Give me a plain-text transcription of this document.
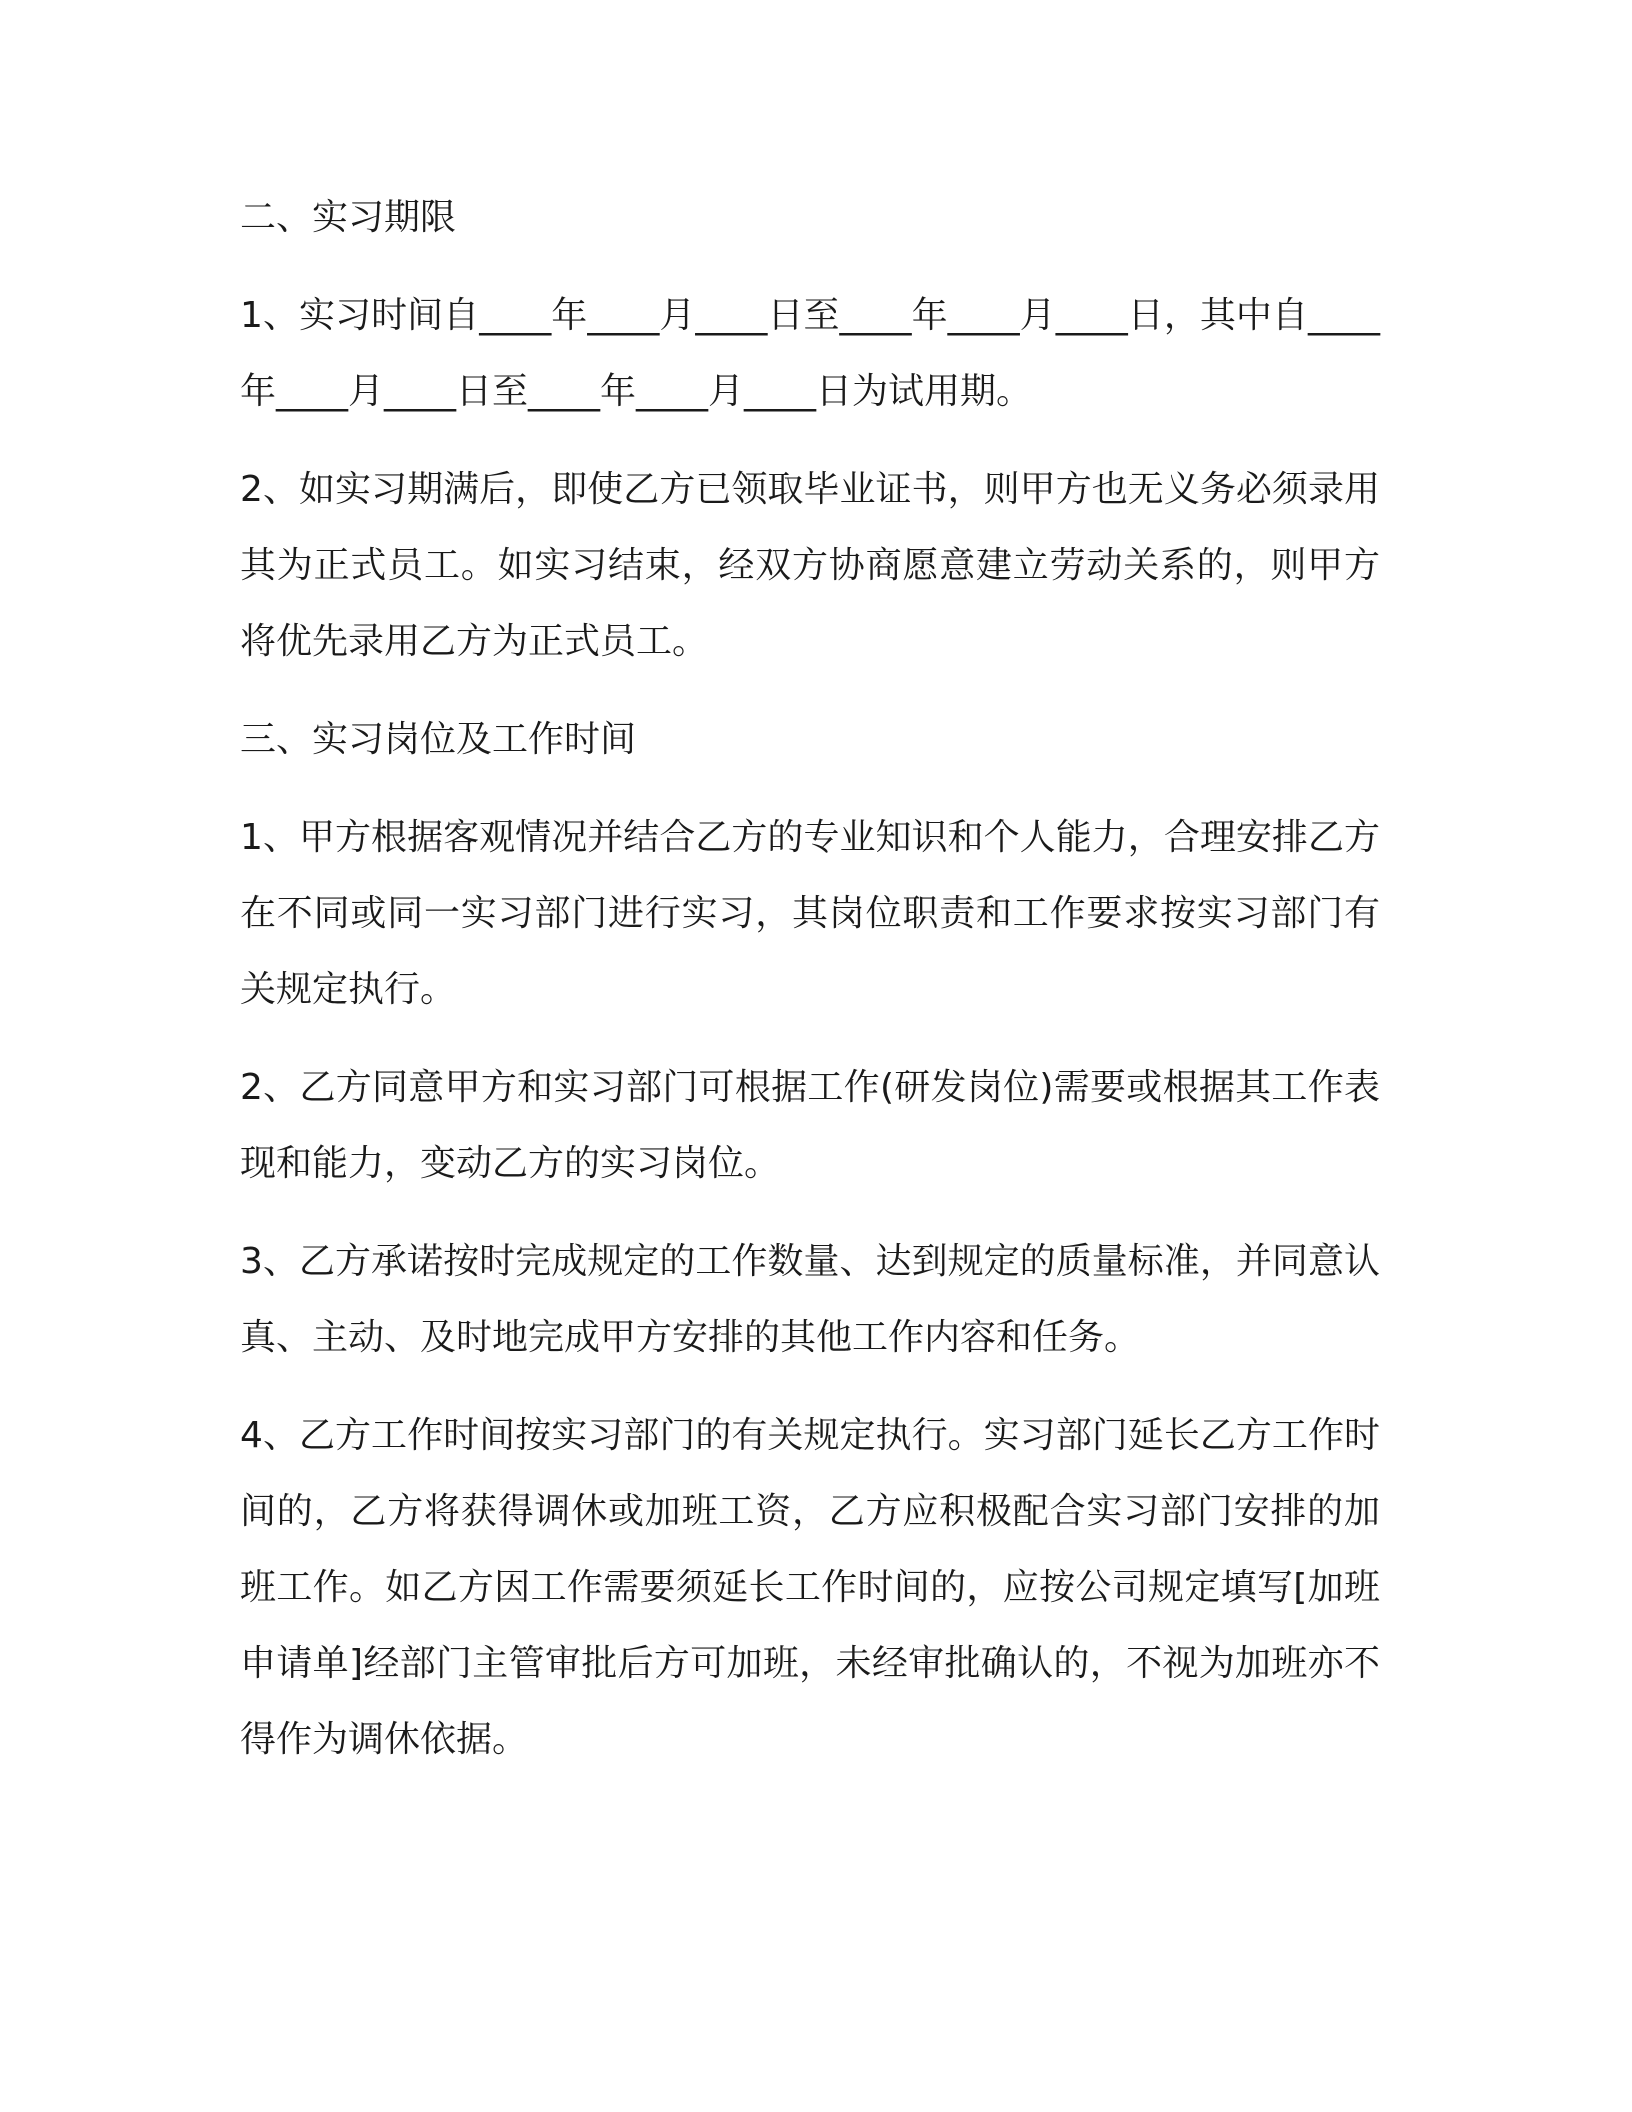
二、实习期限
1、实习时间自____年____月____日至____年____月____日，其中自____年____月____日至____年____月____日为试用期。
2、如实习期满后，即使乙方已领取毕业证书，则甲方也无义务必须录用其为正式员工。如实习结束，经双方协商愿意建立劳动关系的，则甲方将优先录用乙方为正式员工。
三、实习岗位及工作时间
1、甲方根据客观情况并结合乙方的专业知识和个人能力，合理安排乙方在不同或同一实习部门进行实习，其岗位职责和工作要求按实习部门有关规定执行。
2、乙方同意甲方和实习部门可根据工作(研发岗位)需要或根据其工作表现和能力，变动乙方的实习岗位。
3、乙方承诺按时完成规定的工作数量、达到规定的质量标准，并同意认真、主动、及时地完成甲方安排的其他工作内容和任务。
4、乙方工作时间按实习部门的有关规定执行。实习部门延长乙方工作时间的，乙方将获得调休或加班工资，乙方应积极配合实习部门安排的加班工作。如乙方因工作需要须延长工作时间的，应按公司规定填写[加班申请单]经部门主管审批后方可加班，未经审批确认的，不视为加班亦不得作为调休依据。
